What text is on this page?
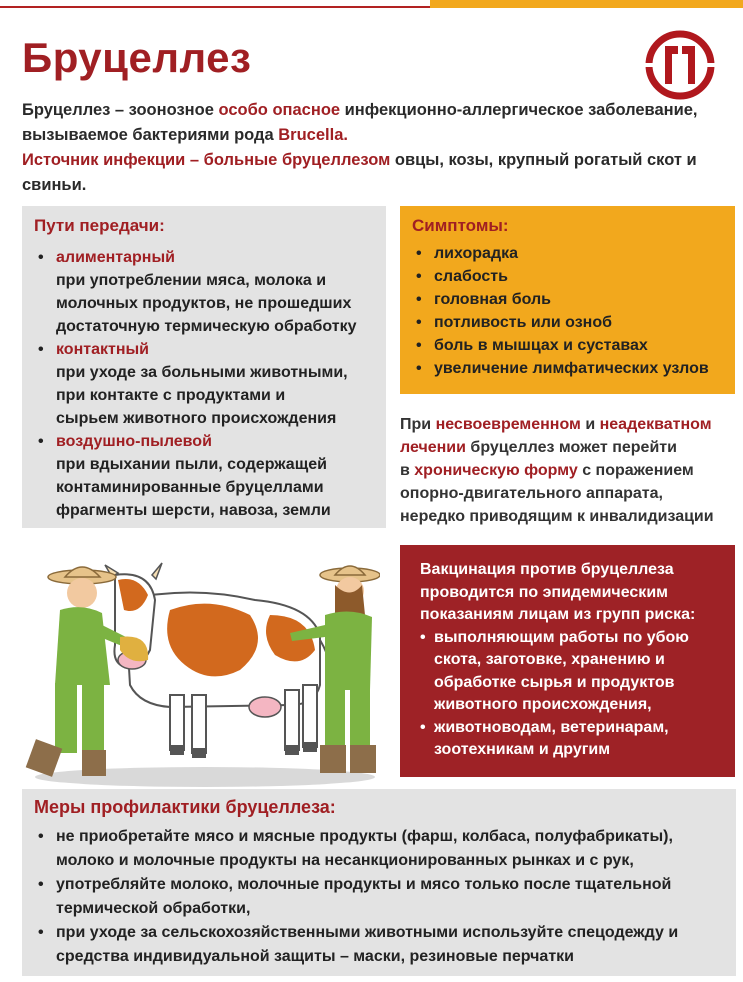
Бруцеллез
Бруцеллез – зоонозное особо опасное инфекционно-аллергическое заболевание,
вызываемое бактериями рода Brucella.
Источник инфекции – больные бруцеллезом овцы, козы, крупный рогатый скот и
свиньи.
Пути передачи:
• алиментарный
при употреблении мяса, молока и
молочных продуктов, не прошедших
достаточную термическую обработку
• контактный
при уходе за больными животными,
при контакте с продуктами и
сырьем животного происхождения
• воздушно-пылевой
при вдыхании пыли, содержащей
контаминированные бруцеллами
фрагменты шерсти, навоза, земли
Симптомы:
• лихорадка
• слабость
• головная боль
• потливость или озноб
• боль в мышцах и суставах
• увеличение лимфатических узлов
При несвоевременном и неадекватном
лечении бруцеллез может перейти
в хроническую форму с поражением
опорно-двигательного аппарата,
нередко приводящим к инвалидизации
Вакцинация против бруцеллеза
проводится по эпидемическим
показаниям лицам из групп риска:
• выполняющим работы по убою
скота, заготовке, хранению и
обработке сырья и продуктов
животного происхождения,
• животноводам, ветеринарам,
зоотехникам и другим
Меры профилактики бруцеллеза:
• не приобретайте мясо и мясные продукты (фарш, колбаса, полуфабрикаты),
молоко и молочные продукты на несанкционированных рынках и с рук,
• употребляйте молоко, молочные продукты и мясо только после тщательной
термической обработки,
• при уходе за сельскохозяйственными животными используйте спецодежду и
средства индивидуальной защиты – маски, резиновые перчатки
